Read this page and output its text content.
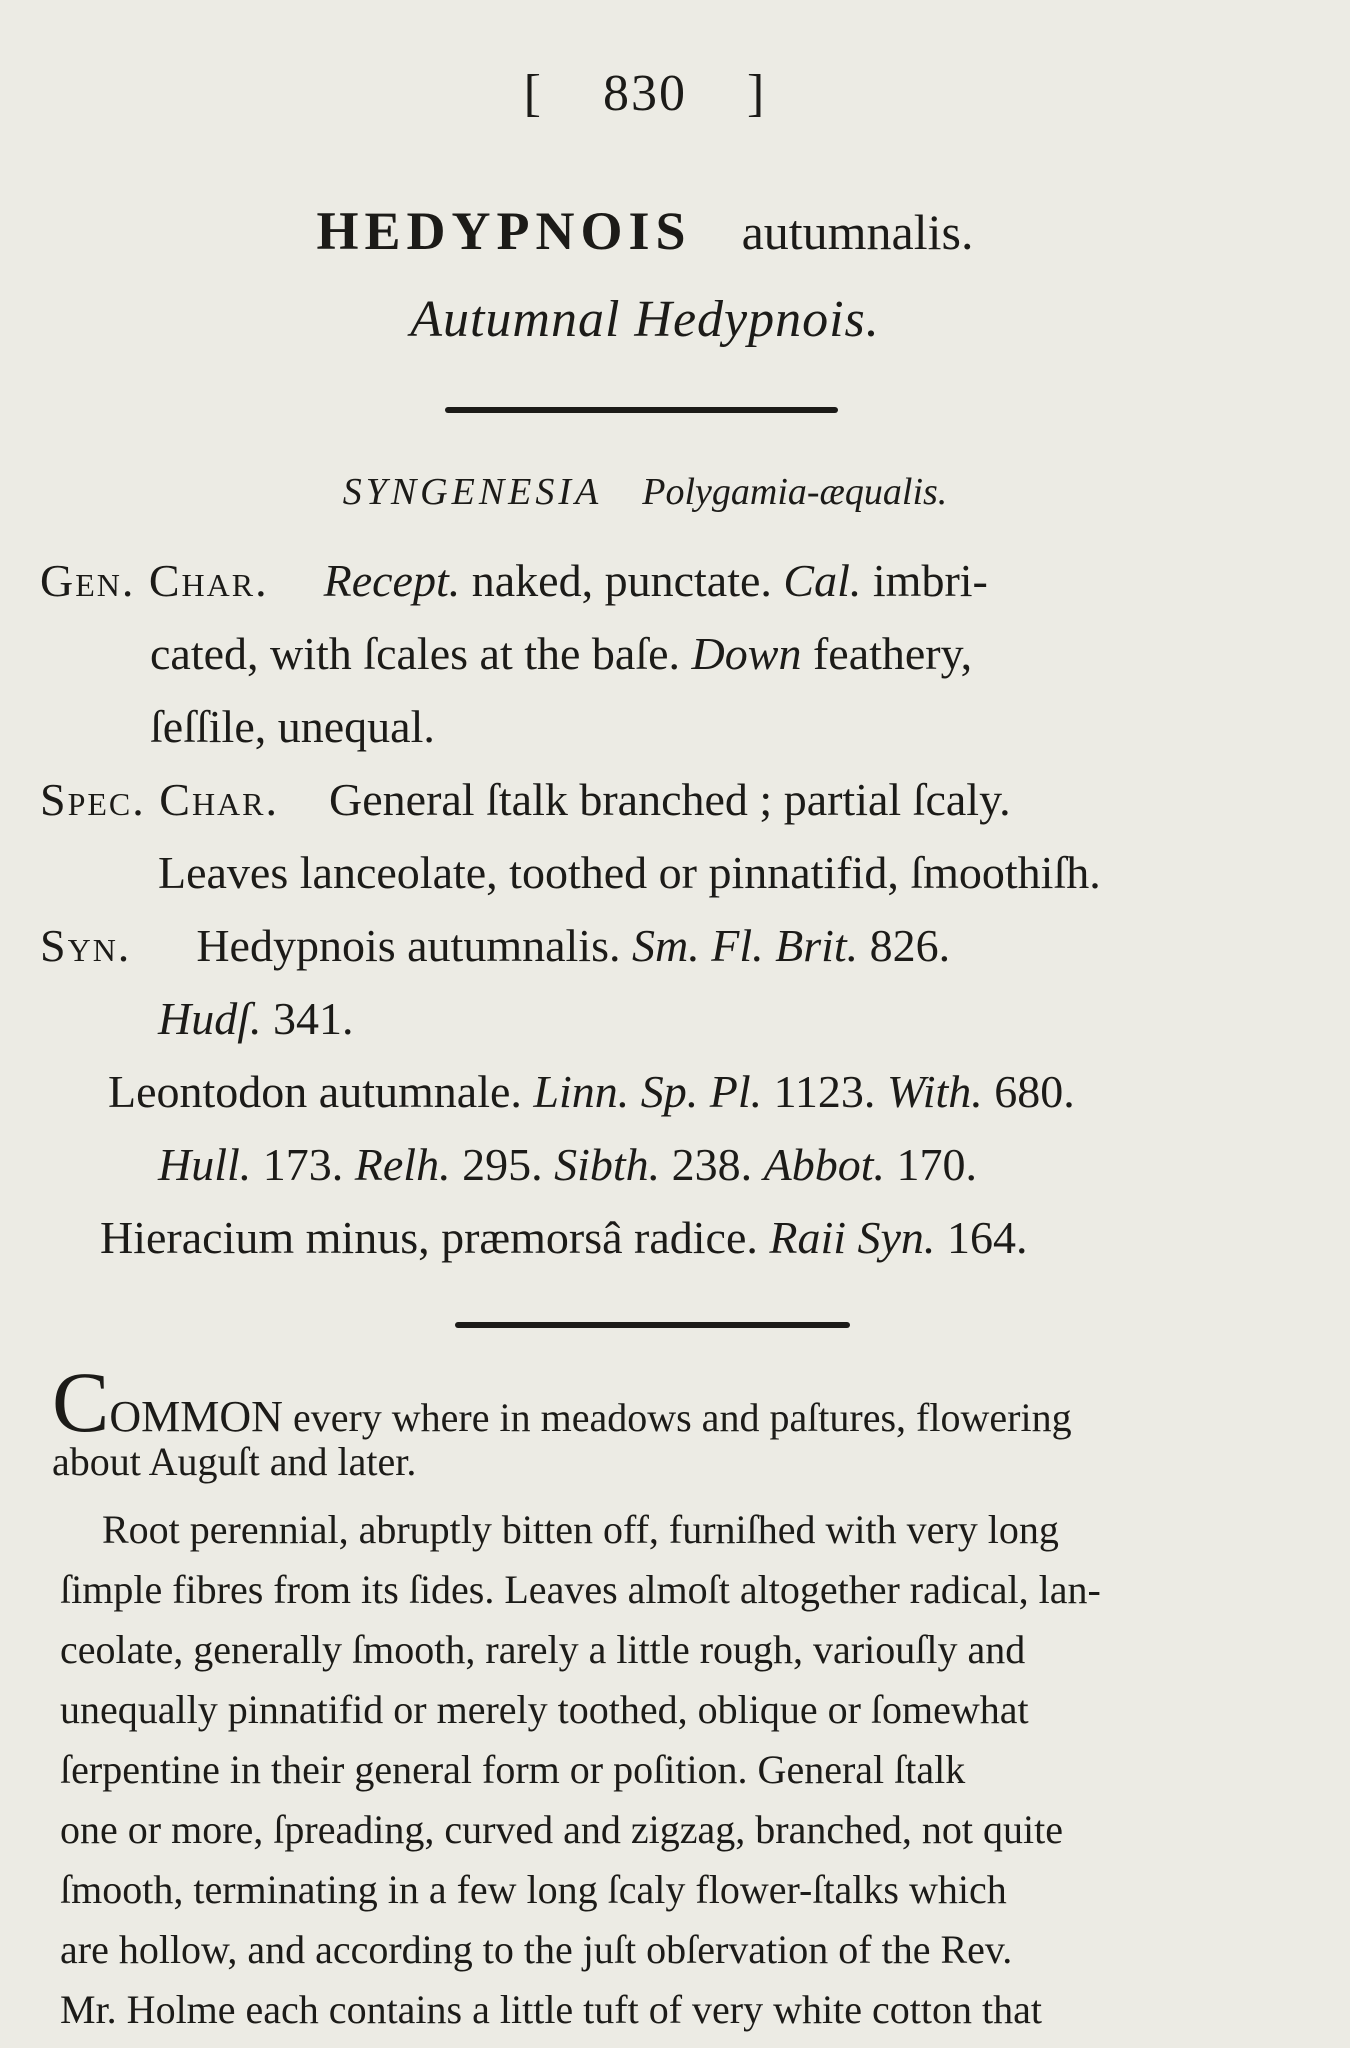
[ 830 ]
HEDYPNOIS autumnalis.
Autumnal Hedypnois.
SYNGENESIA Polygamia-æqualis.
Gen. Char. Recept. naked, punctate. Cal. imbri-
cated, with ſcales at the baſe. Down feathery,
ſeſſile, unequal.
Spec. Char. General ſtalk branched ; partial ſcaly.
Leaves lanceolate, toothed or pinnatifid, ſmoothiſh.
Syn. Hedypnois autumnalis. Sm. Fl. Brit. 826.
Hudſ. 341.
Leontodon autumnale. Linn. Sp. Pl. 1123. With. 680.
Hull. 173. Relh. 295. Sibth. 238. Abbot. 170.
Hieracium minus, præmorsâ radice. Raii Syn. 164.
COMMON every where in meadows and paſtures, flowering
about Auguſt and later.
Root perennial, abruptly bitten off, furniſhed with very long
ſimple fibres from its ſides. Leaves almoſt altogether radical, lan-
ceolate, generally ſmooth, rarely a little rough, variouſly and
unequally pinnatifid or merely toothed, oblique or ſomewhat
ſerpentine in their general form or poſition. General ſtalk
one or more, ſpreading, curved and zigzag, branched, not quite
ſmooth, terminating in a few long ſcaly flower-ſtalks which
are hollow, and according to the juſt obſervation of the Rev.
Mr. Holme each contains a little tuft of very white cotton that
